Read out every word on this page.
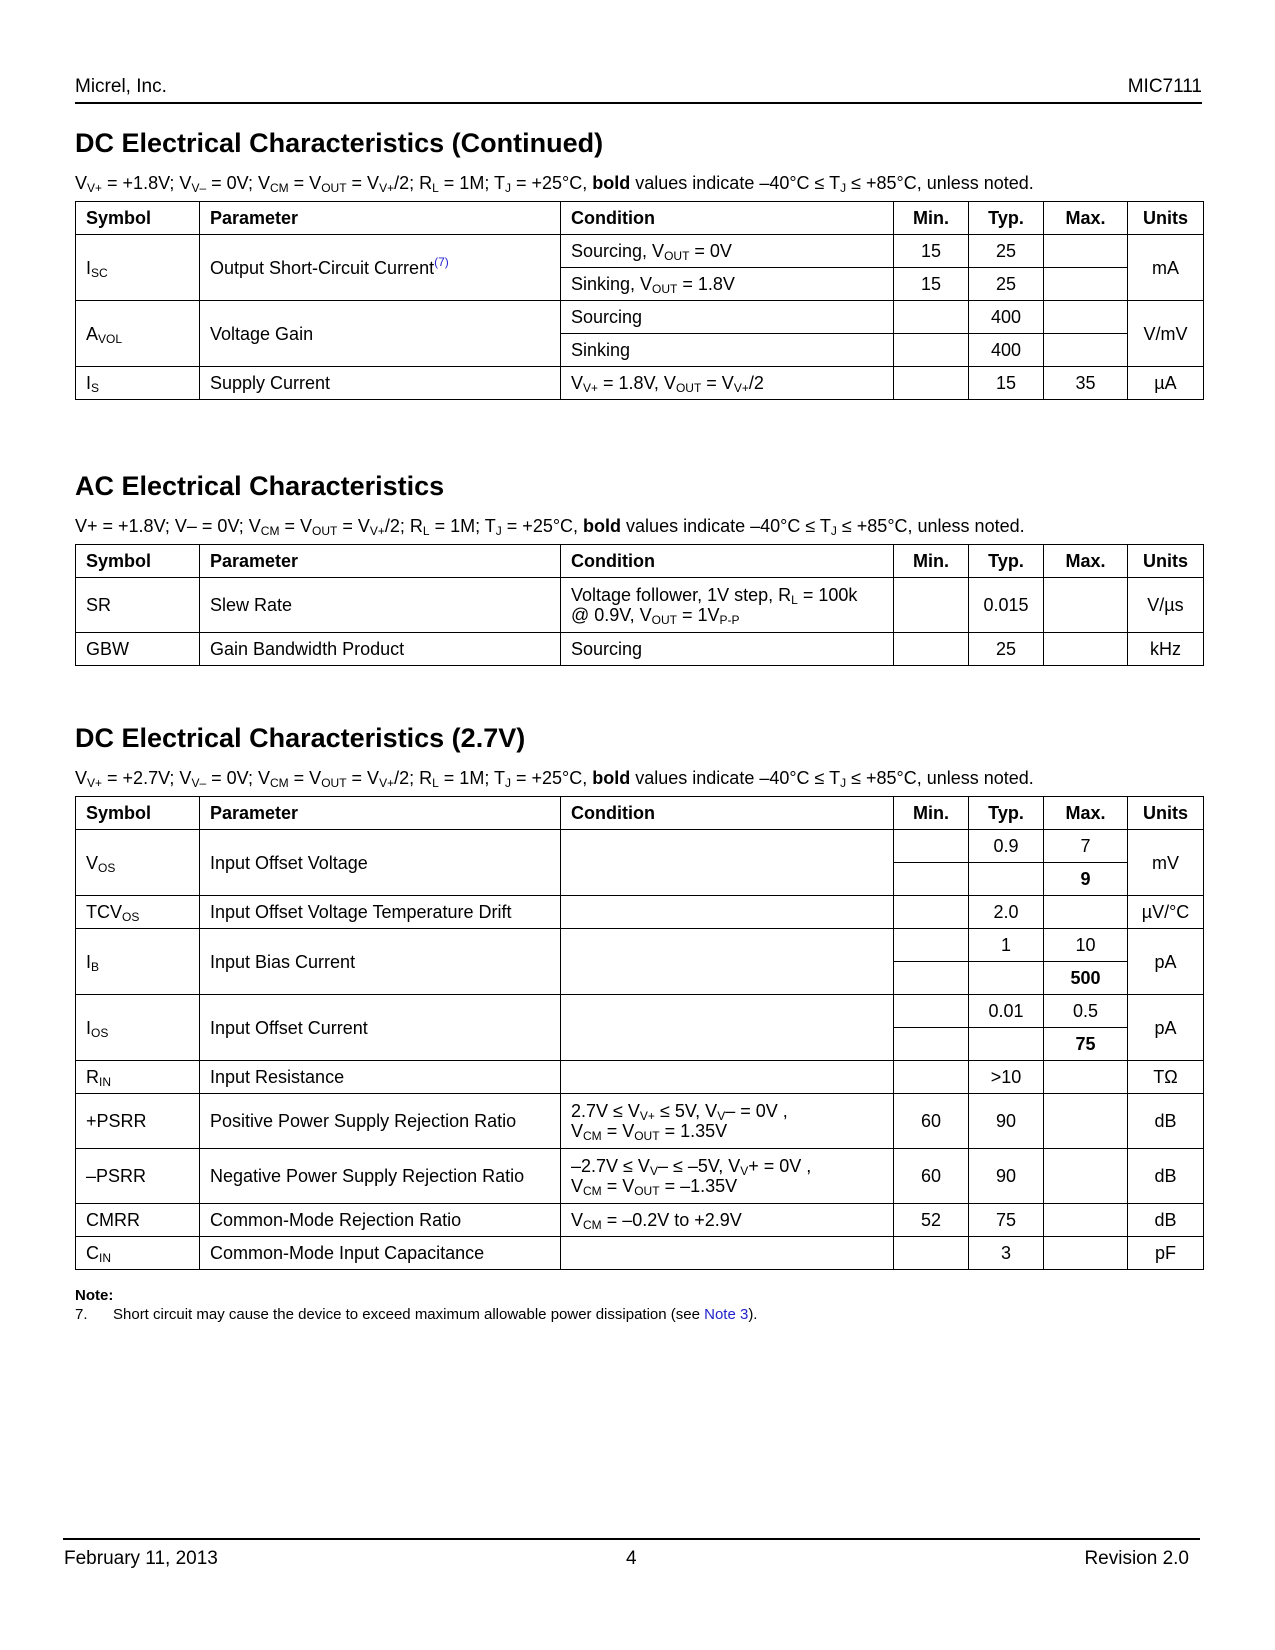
Micrel, Inc.	MIC7111
DC Electrical Characteristics (Continued)
$V_{V+} = +1.8V$; $V_{V-} = 0V$; $V_{CM} = V_{OUT} = V_{V+}/2$; $R_L = 1M$; $T_J = +25^\circ C$, bold values indicate $-40^\circ C \le T_J \le +85^\circ C$, unless noted.
Symbol	Parameter	Condition	Min.	Typ.	Max.	Units
$I_{SC}$	Output Short-Circuit Current$^{(7)}$	Sourcing, $V_{OUT} = 0V$	15	25		mA
		Sinking, $V_{OUT} = 1.8V$	15	25		
$A_{VOL}$	Voltage Gain	Sourcing		400		V/mV
		Sinking		400		
$I_S$	Supply Current	$V_{V+} = 1.8V$, $V_{OUT} = V_{V+}/2$		15	35	µA
AC Electrical Characteristics
V+ = +1.8V; V– = 0V; $V_{CM} = V_{OUT} = V_{V+}/2$; $R_L = 1M$; $T_J = +25^\circ C$, bold values indicate $-40^\circ C \le T_J \le +85^\circ C$, unless noted.
Symbol	Parameter	Condition	Min.	Typ.	Max.	Units
SR	Slew Rate	Voltage follower, 1V step, $R_L = 100k$
@ 0.9V, $V_{OUT} = 1V_{P-P}$		0.015		V/µs
GBW	Gain Bandwidth Product	Sourcing		25		kHz
DC Electrical Characteristics (2.7V)
$V_{V+} = +2.7V$; $V_{V-} = 0V$; $V_{CM} = V_{OUT} = V_{V+}/2$; $R_L = 1M$; $T_J = +25^\circ C$, bold values indicate $-40^\circ C \le T_J \le +85^\circ C$, unless noted.
Symbol	Parameter	Condition	Min.	Typ.	Max.	Units
$V_{OS}$	Input Offset Voltage			0.9	7	mV
					9	
$TCV_{OS}$	Input Offset Voltage Temperature Drift			2.0		µV/°C
$I_B$	Input Bias Current			1	10	pA
					500	
$I_{OS}$	Input Offset Current			0.01	0.5	pA
					75	
$R_{IN}$	Input Resistance			>10		TΩ
+PSRR	Positive Power Supply Rejection Ratio	$2.7V \le V_{V+} \le 5V$, $V_V- = 0V$ ,
$V_{CM} = V_{OUT} = 1.35V$	60	90		dB
–PSRR	Negative Power Supply Rejection Ratio	$-2.7V \le V_V- \le -5V$, $V_V+ = 0V$ ,
$V_{CM} = V_{OUT} = -1.35V$	60	90		dB
CMRR	Common-Mode Rejection Ratio	$V_{CM} = -0.2V$ to +2.9V	52	75		dB
$C_{IN}$	Common-Mode Input Capacitance			3		pF
Note:
7. Short circuit may cause the device to exceed maximum allowable power dissipation (see Note 3).
February 11, 2013	4	Revision 2.0
